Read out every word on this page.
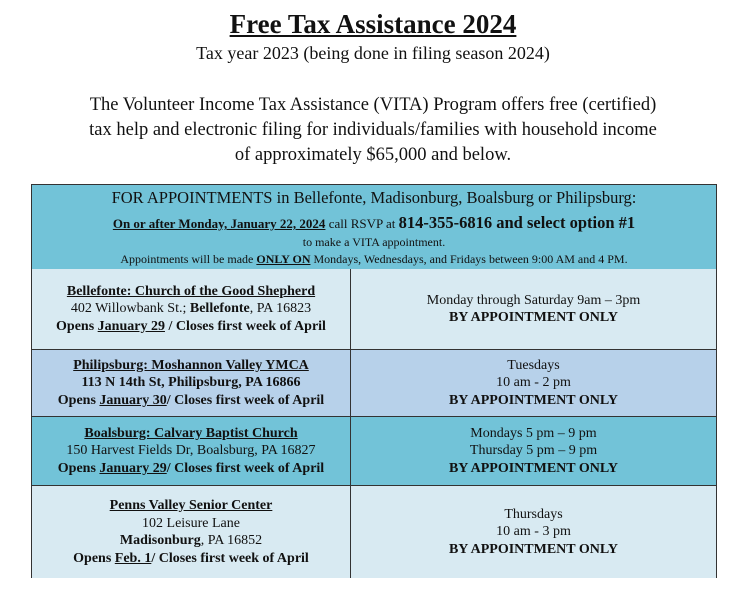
Free Tax Assistance 2024
Tax year 2023 (being done in filing season 2024)
The Volunteer Income Tax Assistance (VITA) Program offers free (certified)
tax help and electronic filing for individuals/families with household income
of approximately $65,000 and below.
FOR APPOINTMENTS in Bellefonte, Madisonburg, Boalsburg or Philipsburg:
On or after Monday, January 22, 2024 call RSVP at 814-355-6816 and select option #1
to make a VITA appointment.
Appointments will be made ONLY ON Mondays, Wednesdays, and Fridays between 9:00 AM and 4 PM.
Bellefonte: Church of the Good Shepherd
402 Willowbank St.; Bellefonte, PA 16823
Opens January 29 / Closes first week of April
Monday through Saturday 9am – 3pm
BY APPOINTMENT ONLY
Philipsburg: Moshannon Valley YMCA
113 N 14th St, Philipsburg, PA 16866
Opens January 30/ Closes first week of April
Tuesdays
10 am - 2 pm
BY APPOINTMENT ONLY
Boalsburg: Calvary Baptist Church
150 Harvest Fields Dr, Boalsburg, PA 16827
Opens January 29/ Closes first week of April
Mondays 5 pm – 9 pm
Thursday 5 pm – 9 pm
BY APPOINTMENT ONLY
Penns Valley Senior Center
102 Leisure Lane
Madisonburg, PA 16852
Opens Feb. 1/ Closes first week of April
Thursdays
10 am - 3 pm
BY APPOINTMENT ONLY
